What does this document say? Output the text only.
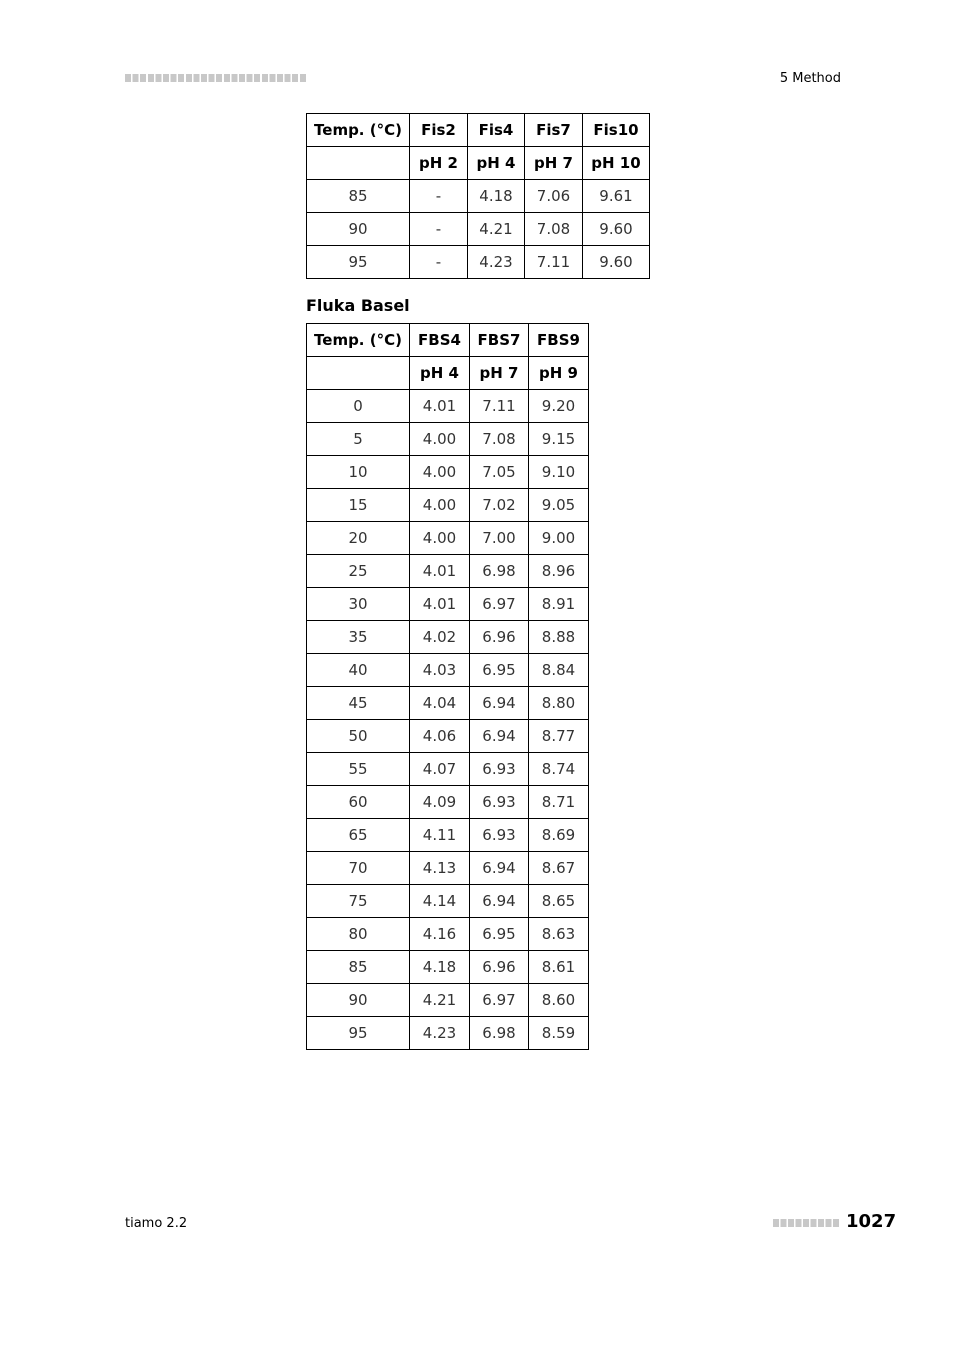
5 Method
Temp. (°C)	Fis2	Fis4	Fis7	Fis10
	pH 2	pH 4	pH 7	pH 10
85	-	4.18	7.06	9.61
90	-	4.21	7.08	9.60
95	-	4.23	7.11	9.60
Fluka Basel
Temp. (°C)	FBS4	FBS7	FBS9
	pH 4	pH 7	pH 9
0	4.01	7.11	9.20
5	4.00	7.08	9.15
10	4.00	7.05	9.10
15	4.00	7.02	9.05
20	4.00	7.00	9.00
25	4.01	6.98	8.96
30	4.01	6.97	8.91
35	4.02	6.96	8.88
40	4.03	6.95	8.84
45	4.04	6.94	8.80
50	4.06	6.94	8.77
55	4.07	6.93	8.74
60	4.09	6.93	8.71
65	4.11	6.93	8.69
70	4.13	6.94	8.67
75	4.14	6.94	8.65
80	4.16	6.95	8.63
85	4.18	6.96	8.61
90	4.21	6.97	8.60
95	4.23	6.98	8.59
tiamo 2.2	1027
